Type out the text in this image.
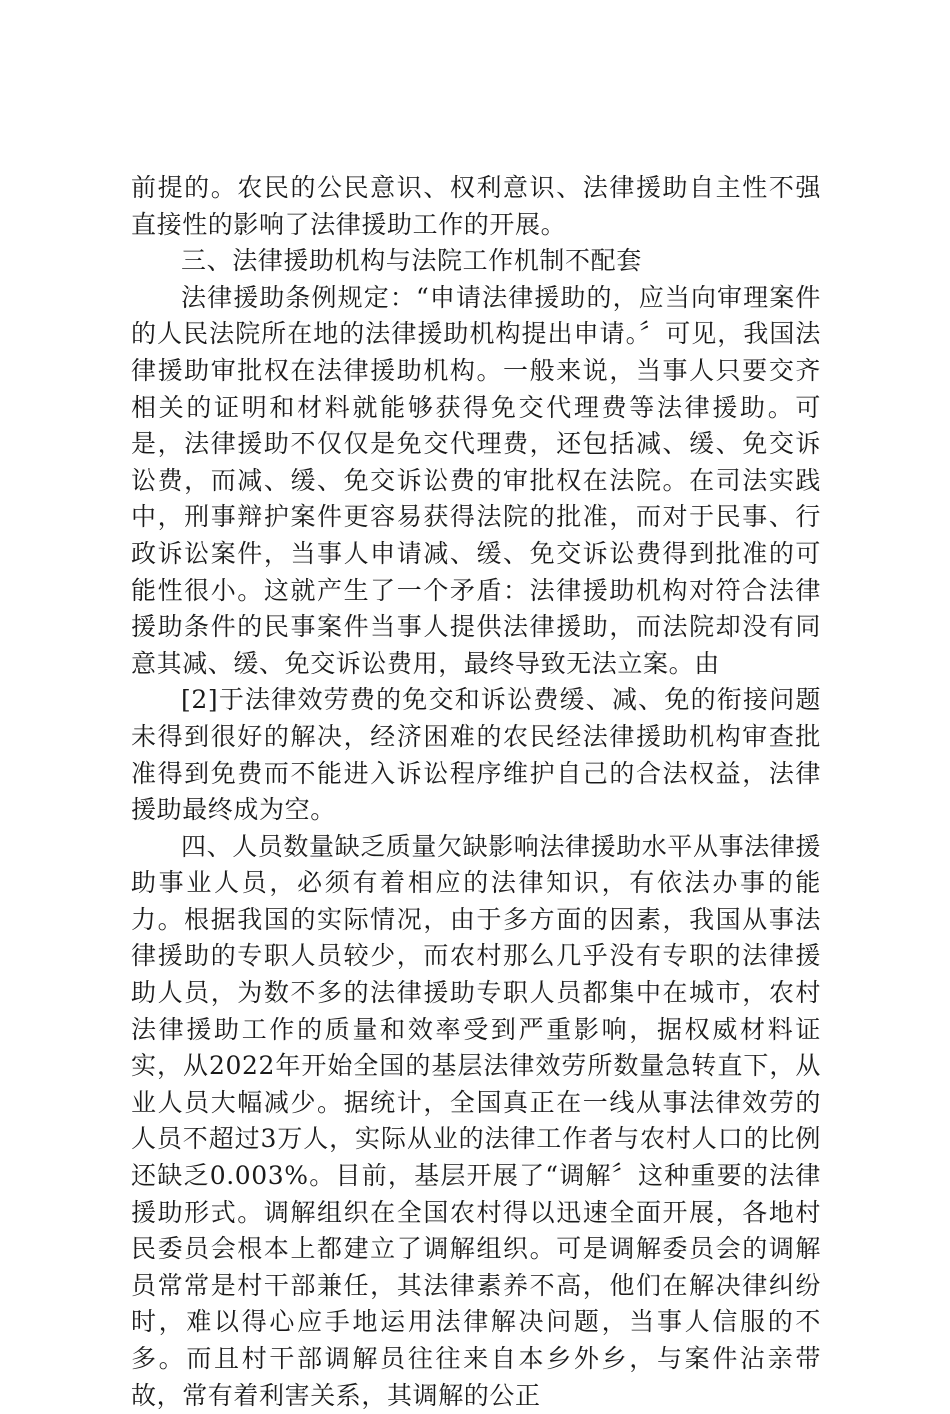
前提的。农民的公民意识、权利意识、法律援助自主性不强直接性的影响了法律援助工作的开展。

三、法律援助机构与法院工作机制不配套

法律援助条例规定：“申请法律援助的，应当向审理案件的人民法院所在地的法律援助机构提出申请。〞可见，我国法律援助审批权在法律援助机构。一般来说，当事人只要交齐相关的证明和材料就能够获得免交代理费等法律援助。可是，法律援助不仅仅是免交代理费，还包括减、缓、免交诉讼费，而减、缓、免交诉讼费的审批权在法院。在司法实践中，刑事辩护案件更容易获得法院的批准，而对于民事、行政诉讼案件，当事人申请减、缓、免交诉讼费得到批准的可能性很小。这就产生了一个矛盾：法律援助机构对符合法律援助条件的民事案件当事人提供法律援助，而法院却没有同意其减、缓、免交诉讼费用，最终导致无法立案。由

[2]于法律效劳费的免交和诉讼费缓、减、免的衔接问题未得到很好的解决，经济困难的农民经法律援助机构审查批准得到免费而不能进入诉讼程序维护自己的合法权益，法律援助最终成为空。

四、人员数量缺乏质量欠缺影响法律援助水平从事法律援助事业人员，必须有着相应的法律知识，有依法办事的能力。根据我国的实际情况，由于多方面的因素，我国从事法律援助的专职人员较少，而农村那么几乎没有专职的法律援助人员，为数不多的法律援助专职人员都集中在城市，农村法律援助工作的质量和效率受到严重影响，据权威材料证实，从2022年开始全国的基层法律效劳所数量急转直下，从业人员大幅减少。据统计，全国真正在一线从事法律效劳的人员不超过3万人，实际从业的法律工作者与农村人口的比例还缺乏0.003%。目前，基层开展了“调解〞这种重要的法律援助形式。调解组织在全国农村得以迅速全面开展，各地村民委员会根本上都建立了调解组织。可是调解委员会的调解员常常是村干部兼任，其法律素养不高，他们在解决律纠纷时，难以得心应手地运用法律解决问题，当事人信服的不多。而且村干部调解员往往来自本乡外乡，与案件沾亲带故，常有着利害关系，其调解的公正
